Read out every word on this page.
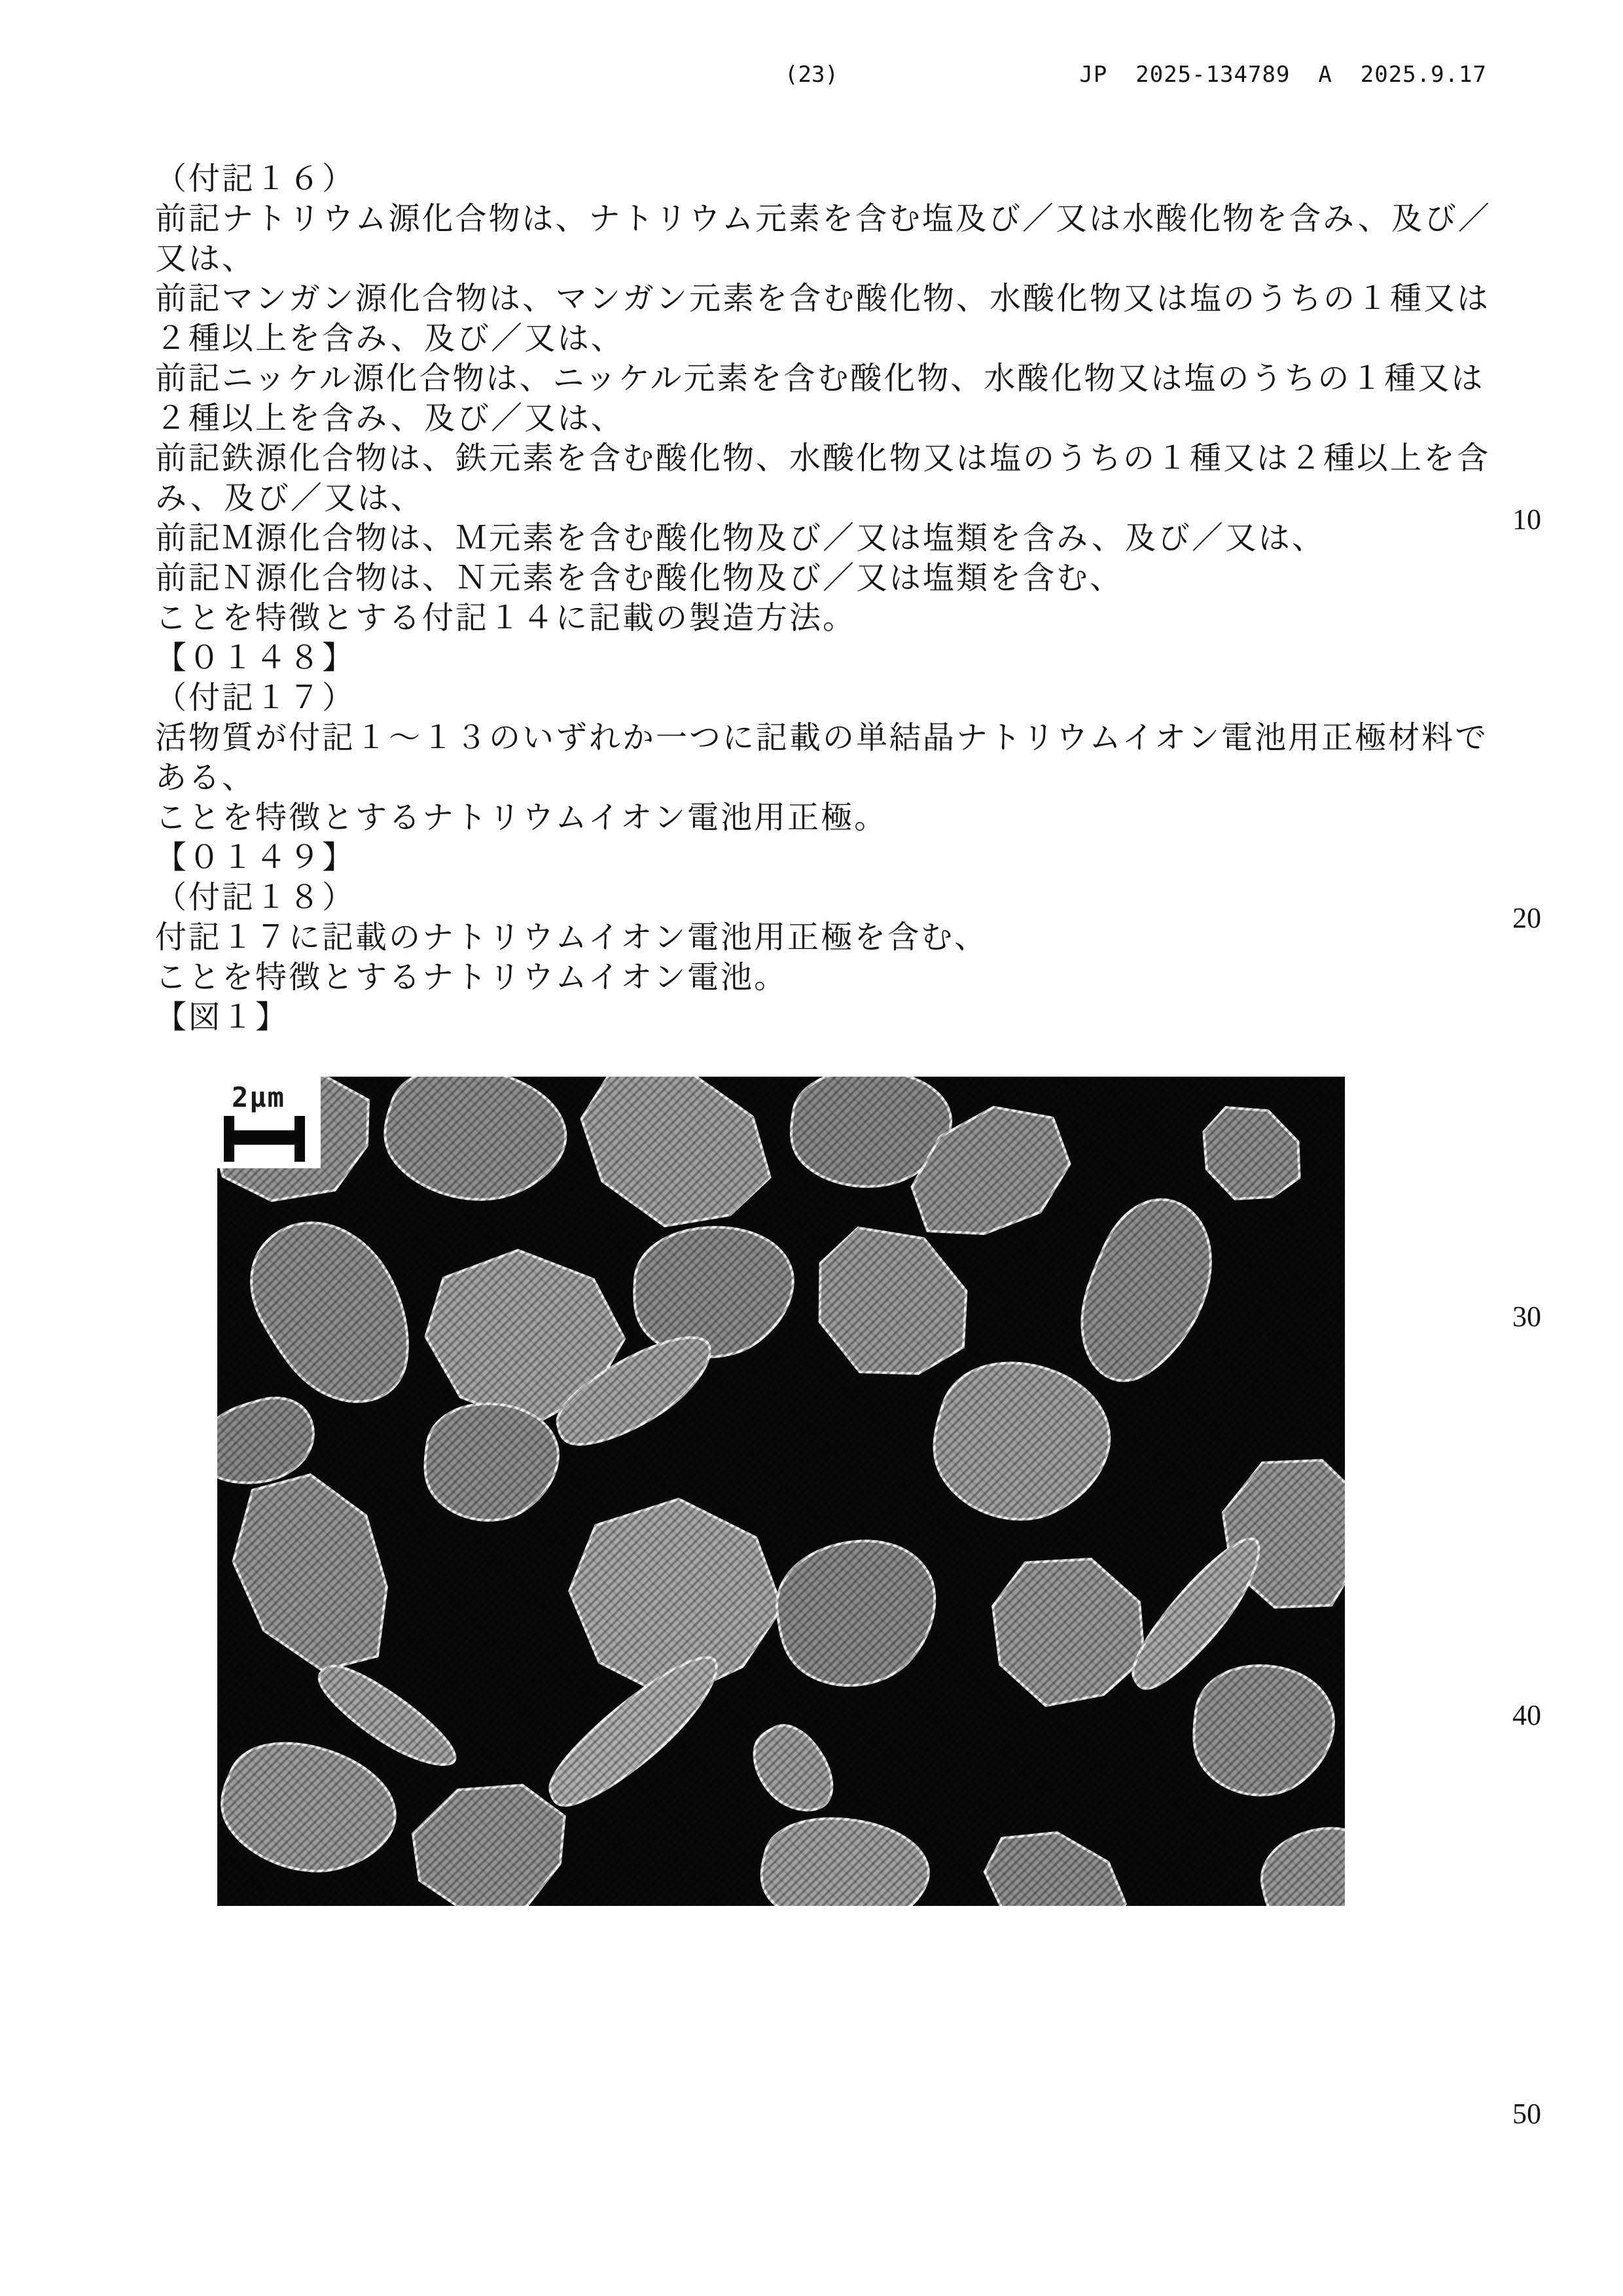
(23)	JP  2025-134789  A  2025.9.17
10
20
30
40
50
（付記１６）
前記ナトリウム源化合物は、ナトリウム元素を含む塩及び／又は水酸化物を含み、及び／
又は、
前記マンガン源化合物は、マンガン元素を含む酸化物、水酸化物又は塩のうちの１種又は
２種以上を含み、及び／又は、
前記ニッケル源化合物は、ニッケル元素を含む酸化物、水酸化物又は塩のうちの１種又は
２種以上を含み、及び／又は、
前記鉄源化合物は、鉄元素を含む酸化物、水酸化物又は塩のうちの１種又は２種以上を含
み、及び／又は、
前記Ｍ源化合物は、Ｍ元素を含む酸化物及び／又は塩類を含み、及び／又は、
前記Ｎ源化合物は、Ｎ元素を含む酸化物及び／又は塩類を含む、
ことを特徴とする付記１４に記載の製造方法。
【０１４８】
（付記１７）
活物質が付記１～１３のいずれか一つに記載の単結晶ナトリウムイオン電池用正極材料で
ある、
ことを特徴とするナトリウムイオン電池用正極。
【０１４９】
（付記１８）
付記１７に記載のナトリウムイオン電池用正極を含む、
ことを特徴とするナトリウムイオン電池。
【図１】
2μm
